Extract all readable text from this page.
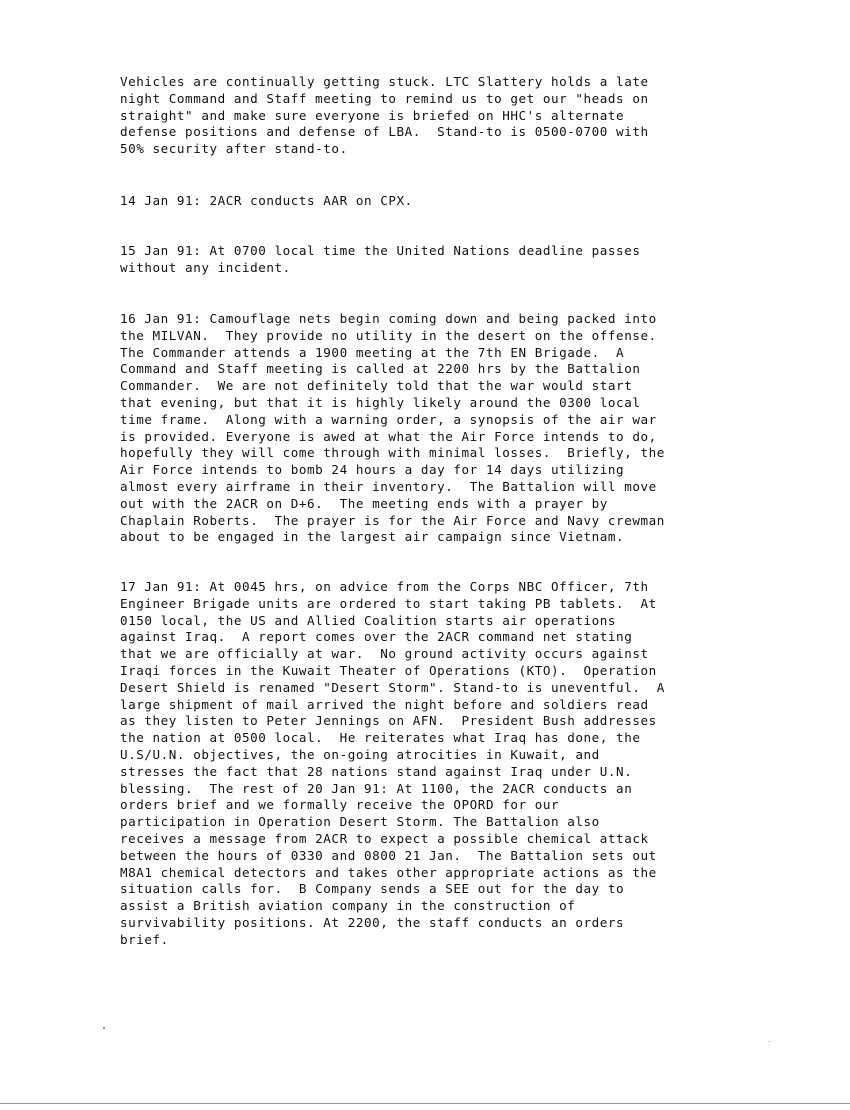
Vehicles are continually getting stuck. LTC Slattery holds a late
night Command and Staff meeting to remind us to get our "heads on
straight" and make sure everyone is briefed on HHC's alternate
defense positions and defense of LBA.  Stand-to is 0500-0700 with
50% security after stand-to.

14 Jan 91: 2ACR conducts AAR on CPX.

15 Jan 91: At 0700 local time the United Nations deadline passes
without any incident.

16 Jan 91: Camouflage nets begin coming down and being packed into
the MILVAN.  They provide no utility in the desert on the offense.
The Commander attends a 1900 meeting at the 7th EN Brigade.  A
Command and Staff meeting is called at 2200 hrs by the Battalion
Commander.  We are not definitely told that the war would start
that evening, but that it is highly likely around the 0300 local
time frame.  Along with a warning order, a synopsis of the air war
is provided. Everyone is awed at what the Air Force intends to do,
hopefully they will come through with minimal losses.  Briefly, the
Air Force intends to bomb 24 hours a day for 14 days utilizing
almost every airframe in their inventory.  The Battalion will move
out with the 2ACR on D+6.  The meeting ends with a prayer by
Chaplain Roberts.  The prayer is for the Air Force and Navy crewman
about to be engaged in the largest air campaign since Vietnam.

17 Jan 91: At 0045 hrs, on advice from the Corps NBC Officer, 7th
Engineer Brigade units are ordered to start taking PB tablets.  At
0150 local, the US and Allied Coalition starts air operations
against Iraq.  A report comes over the 2ACR command net stating
that we are officially at war.  No ground activity occurs against
Iraqi forces in the Kuwait Theater of Operations (KTO).  Operation
Desert Shield is renamed "Desert Storm". Stand-to is uneventful.  A
large shipment of mail arrived the night before and soldiers read
as they listen to Peter Jennings on AFN.  President Bush addresses
the nation at 0500 local.  He reiterates what Iraq has done, the
U.S/U.N. objectives, the on-going atrocities in Kuwait, and
stresses the fact that 28 nations stand against Iraq under U.N.
blessing.  The rest of 20 Jan 91: At 1100, the 2ACR conducts an
orders brief and we formally receive the OPORD for our
participation in Operation Desert Storm. The Battalion also
receives a message from 2ACR to expect a possible chemical attack
between the hours of 0330 and 0800 21 Jan.  The Battalion sets out
M8A1 chemical detectors and takes other appropriate actions as the
situation calls for.  B Company sends a SEE out for the day to
assist a British aviation company in the construction of
survivability positions. At 2200, the staff conducts an orders
brief.
